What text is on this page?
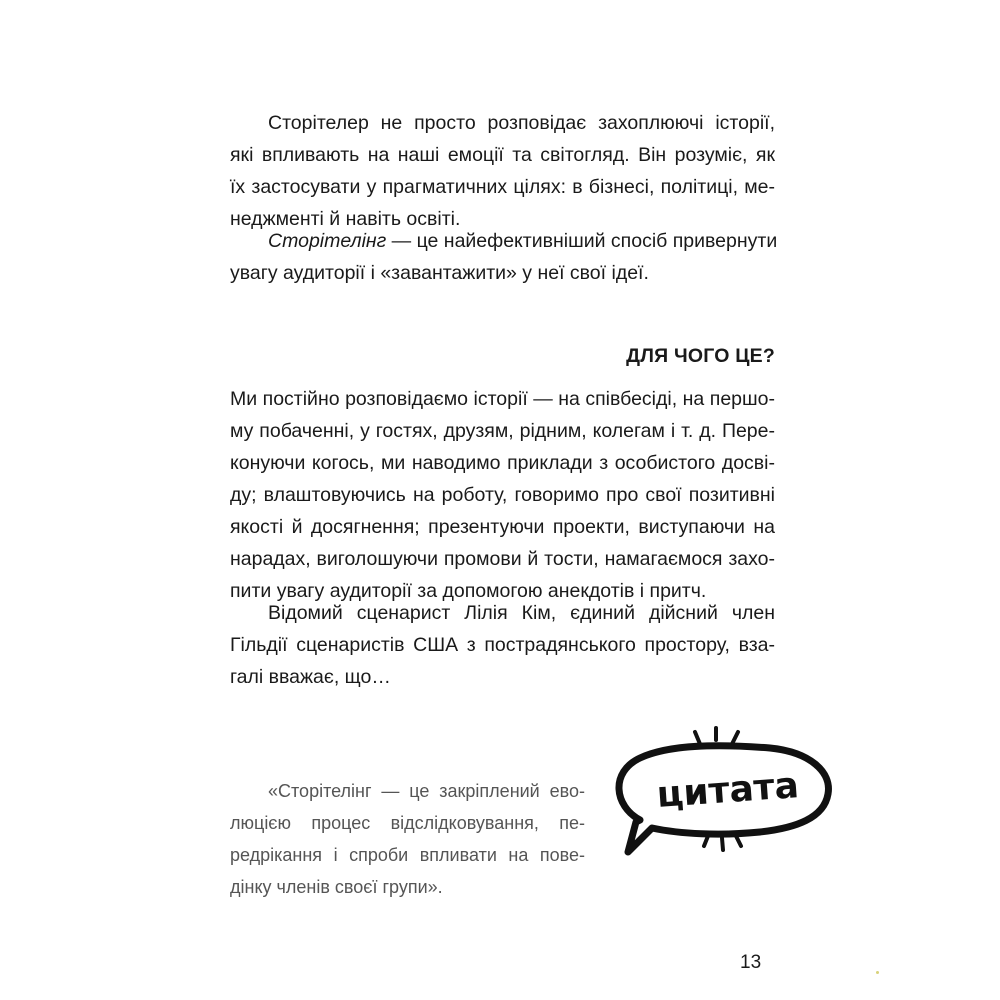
Сторітелер не просто розповідає захоплюючі історії,
які впливають на наші емоції та світогляд. Він розуміє, як
їх застосувати у прагматичних цілях: в бізнесі, політиці, ме-
неджменті й навіть освіті.
Сторітелінг — це найефективніший спосіб привернути
увагу аудиторії і «завантажити» у неї свої ідеї.
ДЛЯ ЧОГО ЦЕ?
Ми постійно розповідаємо історії — на співбесіді, на першо-
му побаченні, у гостях, друзям, рідним, колегам і т. д. Пере-
конуючи когось, ми наводимо приклади з особистого досві-
ду; влаштовуючись на роботу, говоримо про свої позитивні
якості й досягнення; презентуючи проекти, виступаючи на
нарадах, виголошуючи промови й тости, намагаємося захо-
пити увагу аудиторії за допомогою анекдотів і притч.
Відомий сценарист Лілія Кім, єдиний дійсний член
Гільдії сценаристів США з пострадянського простору, взa-
галі вважає, що…
«Сторітелінг — це закріплений ево-
люцією процес відслідковування, пе-
редрікання і спроби впливати на пове-
дінку членів своєї групи».
цитата
13
